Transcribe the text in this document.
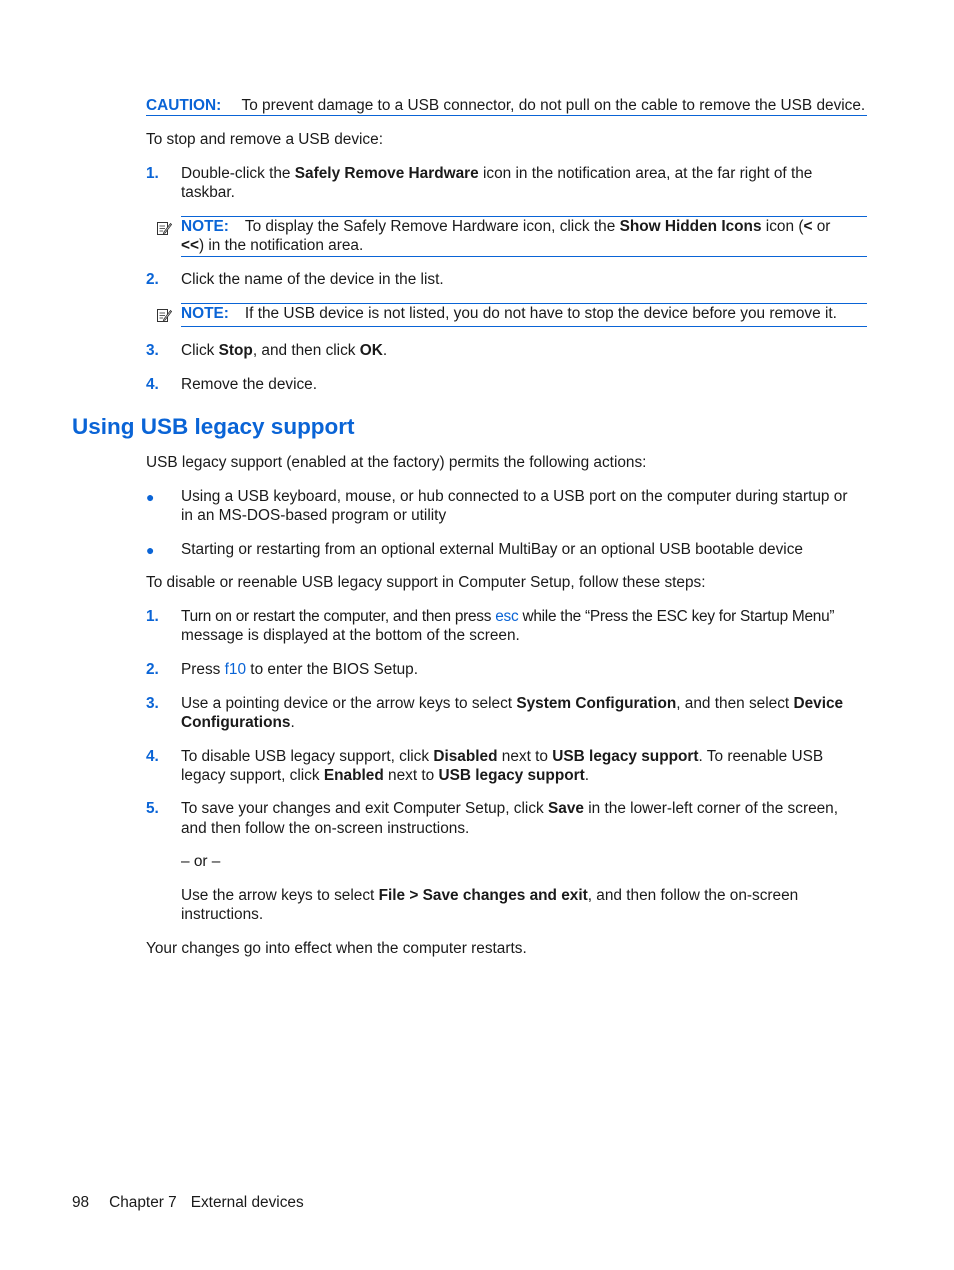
CAUTION: To prevent damage to a USB connector, do not pull on the cable to remove the USB device.
To stop and remove a USB device:
1. Double-click the Safely Remove Hardware icon in the notification area, at the far right of the
taskbar.
NOTE: To display the Safely Remove Hardware icon, click the Show Hidden Icons icon (< or
<<) in the notification area.
2. Click the name of the device in the list.
NOTE: If the USB device is not listed, you do not have to stop the device before you remove it.
3. Click Stop, and then click OK.
4. Remove the device.
Using USB legacy support
USB legacy support (enabled at the factory) permits the following actions:
● Using a USB keyboard, mouse, or hub connected to a USB port on the computer during startup or
in an MS-DOS-based program or utility
● Starting or restarting from an optional external MultiBay or an optional USB bootable device
To disable or reenable USB legacy support in Computer Setup, follow these steps:
1. Turn on or restart the computer, and then press esc while the “Press the ESC key for Startup Menu”
message is displayed at the bottom of the screen.
2. Press f10 to enter the BIOS Setup.
3. Use a pointing device or the arrow keys to select System Configuration, and then select Device
Configurations.
4. To disable USB legacy support, click Disabled next to USB legacy support. To reenable USB
legacy support, click Enabled next to USB legacy support.
5. To save your changes and exit Computer Setup, click Save in the lower-left corner of the screen,
and then follow the on-screen instructions.
– or –
Use the arrow keys to select File > Save changes and exit, and then follow the on-screen
instructions.
Your changes go into effect when the computer restarts.
98 Chapter 7 External devices
